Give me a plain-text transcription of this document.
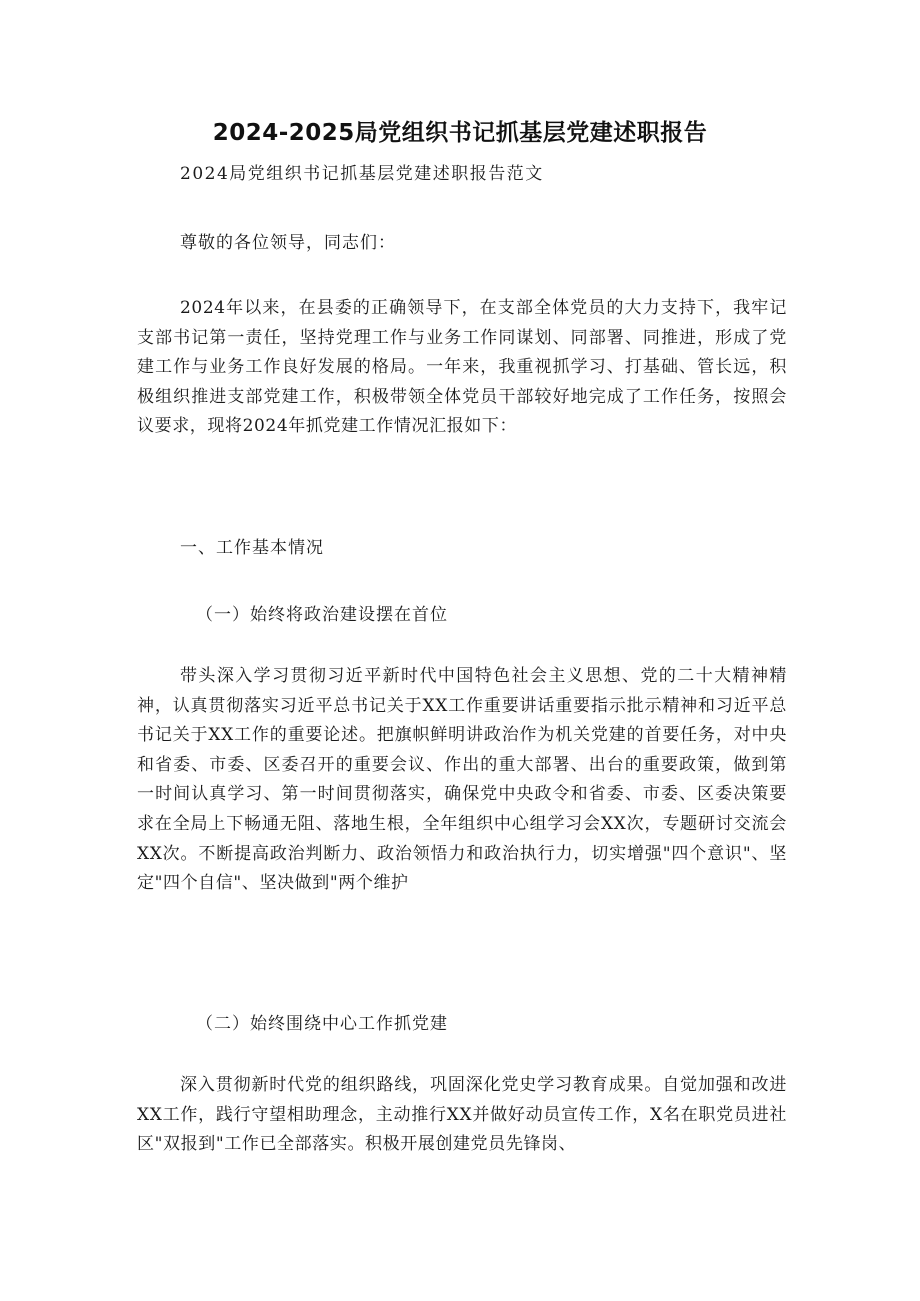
2024-2025局党组织书记抓基层党建述职报告
2024局党组织书记抓基层党建述职报告范文
尊敬的各位领导，同志们：

2024年以来，在县委的正确领导下，在支部全体党员的大力支持下，我牢记支部书记第一责任，坚持党理工作与业务工作同谋划、同部署、同推进，形成了党建工作与业务工作良好发展的格局。一年来，我重视抓学习、打基础、管长远，积极组织推进支部党建工作，积极带领全体党员干部较好地完成了工作任务，按照会议要求，现将2024年抓党建工作情况汇报如下：

一、工作基本情况
（一）始终将政治建设摆在首位

带头深入学习贯彻习近平新时代中国特色社会主义思想、党的二十大精神精神，认真贯彻落实习近平总书记关于XX工作重要讲话重要指示批示精神和习近平总书记关于XX工作的重要论述。把旗帜鲜明讲政治作为机关党建的首要任务，对中央和省委、市委、区委召开的重要会议、作出的重大部署、出台的重要政策，做到第一时间认真学习、第一时间贯彻落实，确保党中央政令和省委、市委、区委决策要求在全局上下畅通无阻、落地生根，全年组织中心组学习会XX次，专题研讨交流会XX次。不断提高政治判断力、政治领悟力和政治执行力，切实增强"四个意识"、坚定"四个自信"、坚决做到"两个维护

（二）始终围绕中心工作抓党建

深入贯彻新时代党的组织路线，巩固深化党史学习教育成果。自觉加强和改进XX工作，践行守望相助理念，主动推行XX并做好动员宣传工作，X名在职党员进社区"双报到"工作已全部落实。积极开展创建党员先锋岗、
